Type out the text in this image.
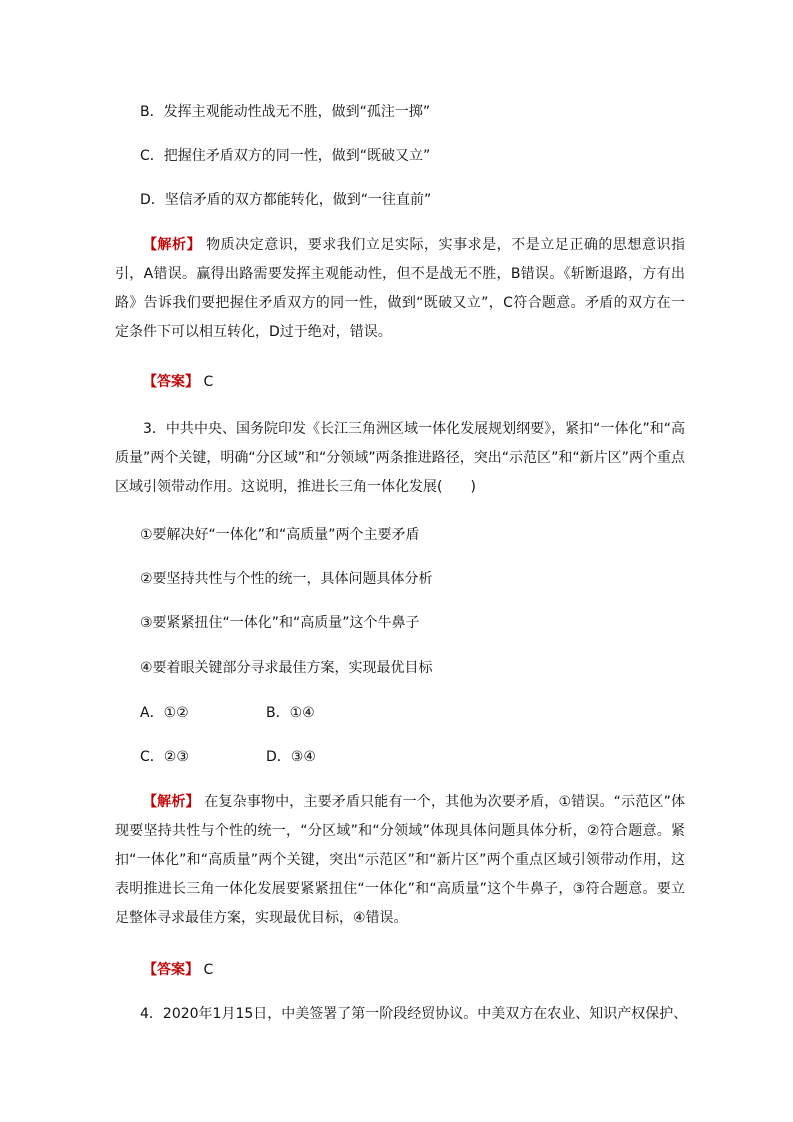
B．发挥主观能动性战无不胜，做到“孤注一掷”
C．把握住矛盾双方的同一性，做到“既破又立”
D．坚信矛盾的双方都能转化，做到“一往直前”
【解析】 物质决定意识，要求我们立足实际，实事求是，不是立足正确的思想意识指引，A错误。赢得出路需要发挥主观能动性，但不是战无不胜，B错误。《斩断退路，方有出路》告诉我们要把握住矛盾双方的同一性，做到“既破又立”，C符合题意。矛盾的双方在一定条件下可以相互转化，D过于绝对，错误。
【答案】 C
3．中共中央、国务院印发《长江三角洲区域一体化发展规划纲要》，紧扣“一体化”和“高质量”两个关键，明确“分区域”和“分领域”两条推进路径，突出“示范区”和“新片区”两个重点区域引领带动作用。这说明，推进长三角一体化发展(　　)
①要解决好“一体化”和“高质量”两个主要矛盾
②要坚持共性与个性的统一，具体问题具体分析
③要紧紧扭住“一体化”和“高质量”这个牛鼻子
④要着眼关键部分寻求最佳方案，实现最优目标
A．①②	B．①④
C．②③	D．③④
【解析】 在复杂事物中，主要矛盾只能有一个，其他为次要矛盾，①错误。“示范区”体现要坚持共性与个性的统一，“分区域”和“分领域”体现具体问题具体分析，②符合题意。紧扣“一体化”和“高质量”两个关键，突出“示范区”和“新片区”两个重点区域引领带动作用，这表明推进长三角一体化发展要紧紧扭住“一体化”和“高质量”这个牛鼻子，③符合题意。要立足整体寻求最佳方案，实现最优目标，④错误。
【答案】 C
4．2020年1月15日，中美签署了第一阶段经贸协议。中美双方在农业、知识产权保护、
